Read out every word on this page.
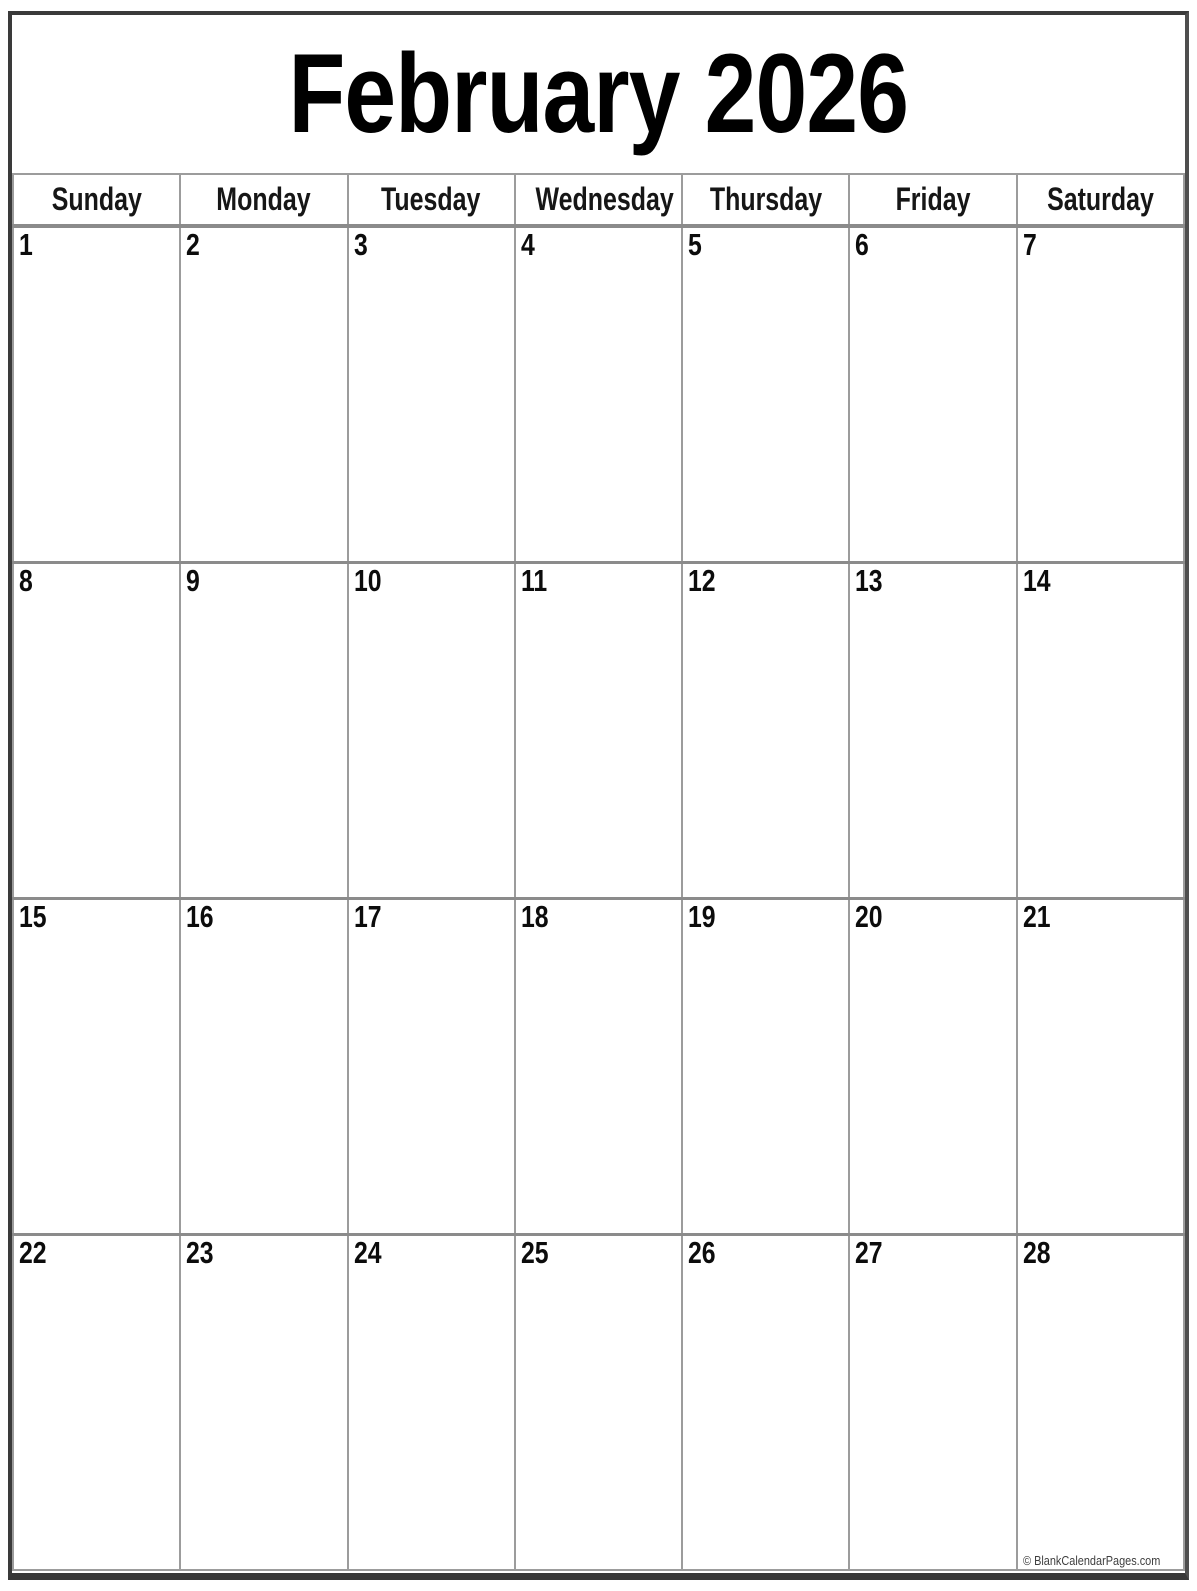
February 2026
Sunday	Monday	Tuesday	Wednesday	Thursday	Friday	Saturday
1	2	3	4	5	6	7
8	9	10	11	12	13	14
15	16	17	18	19	20	21
22	23	24	25	26	27	28
© BlankCalendarPages.com
